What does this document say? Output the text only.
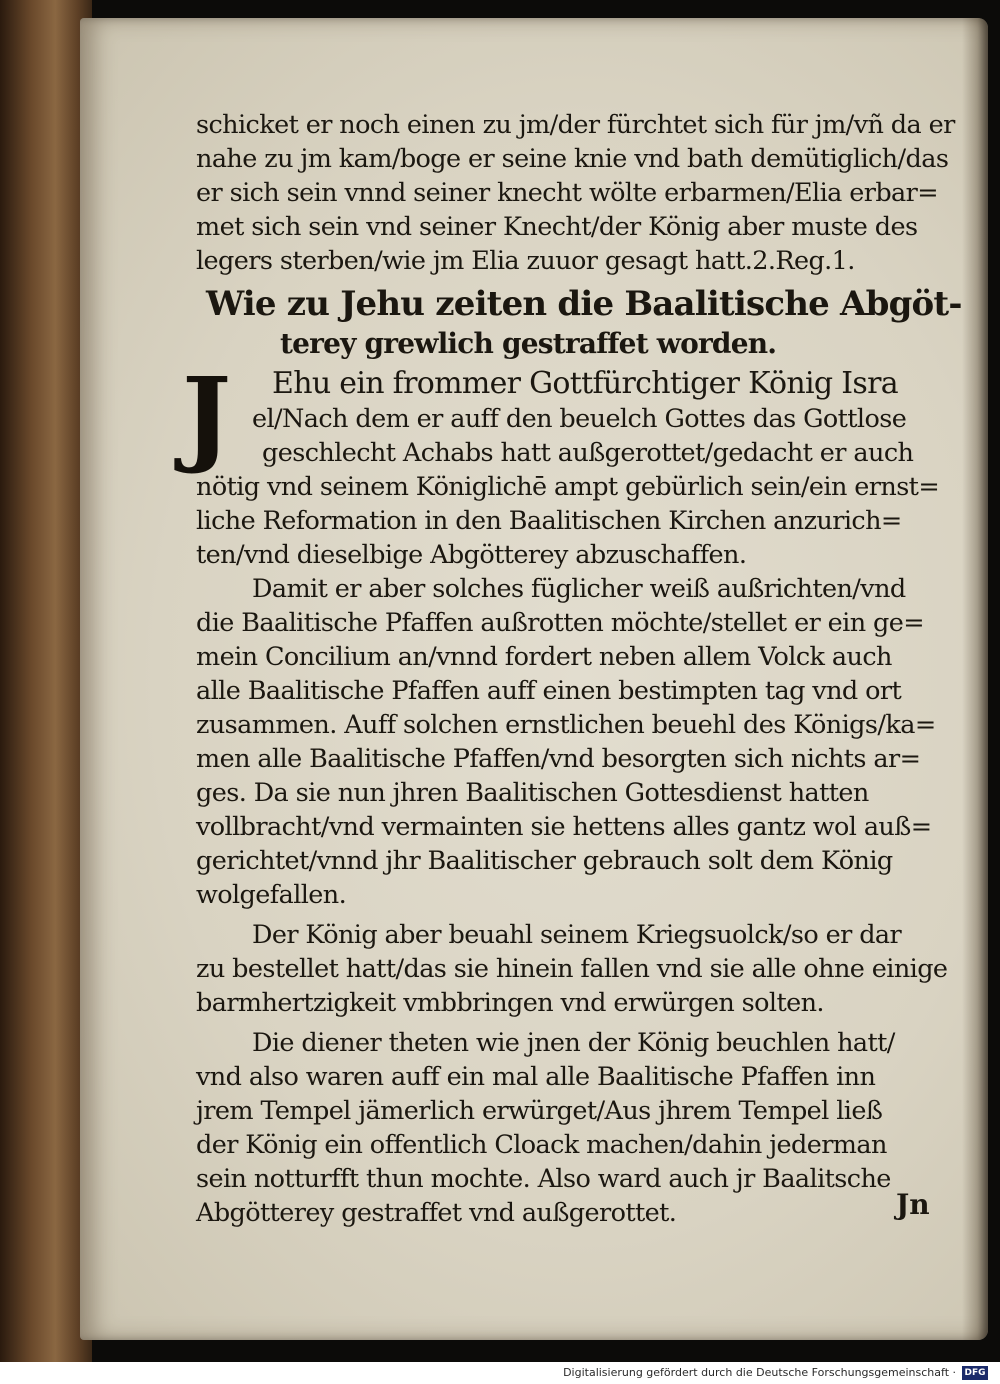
schicket er noch einen zu jm/der fürchtet sich für jm/vñ da er
nahe zu jm kam/boge er seine knie vnd bath demütiglich/das
er sich sein vnnd seiner knecht wölte erbarmen/Elia erbar=
met sich sein vnd seiner Knecht/der König aber muste des
legers sterben/wie jm Elia zuuor gesagt hatt.2.Reg.1.
Wie zu Jehu zeiten die Baalitische Abgöt-
terey grewlich gestraffet worden.
J	Ehu ein frommer Gottfürchtiger König Isra
el/Nach dem er auff den beuelch Gottes das Gottlose
geschlecht Achabs hatt außgerottet/gedacht er auch
nötig vnd seinem Königlichē ampt gebürlich sein/ein ernst=
liche Reformation in den Baalitischen Kirchen anzurich=
ten/vnd dieselbige Abgötterey abzuschaffen.
Damit er aber solches füglicher weiß außrichten/vnd
die Baalitische Pfaffen außrotten möchte/stellet er ein ge=
mein Concilium an/vnnd fordert neben allem Volck auch
alle Baalitische Pfaffen auff einen bestimpten tag vnd ort
zusammen. Auff solchen ernstlichen beuehl des Königs/ka=
men alle Baalitische Pfaffen/vnd besorgten sich nichts ar=
ges. Da sie nun jhren Baalitischen Gottesdienst hatten
vollbracht/vnd vermainten sie hettens alles gantz wol auß=
gerichtet/vnnd jhr Baalitischer gebrauch solt dem König
wolgefallen.
Der König aber beuahl seinem Kriegsuolck/so er dar
zu bestellet hatt/das sie hinein fallen vnd sie alle ohne einige
barmhertzigkeit vmbbringen vnd erwürgen solten.
Die diener theten wie jnen der König beuchlen hatt/
vnd also waren auff ein mal alle Baalitische Pfaffen inn
jrem Tempel jämerlich erwürget/Aus jhrem Tempel ließ
der König ein offentlich Cloack machen/dahin jederman
sein notturfft thun mochte. Also ward auch jr Baalitsche
Abgötterey gestraffet vnd außgerottet.	Jn
Digitalisierung gefördert durch die Deutsche Forschungsgemeinschaft · DFG
